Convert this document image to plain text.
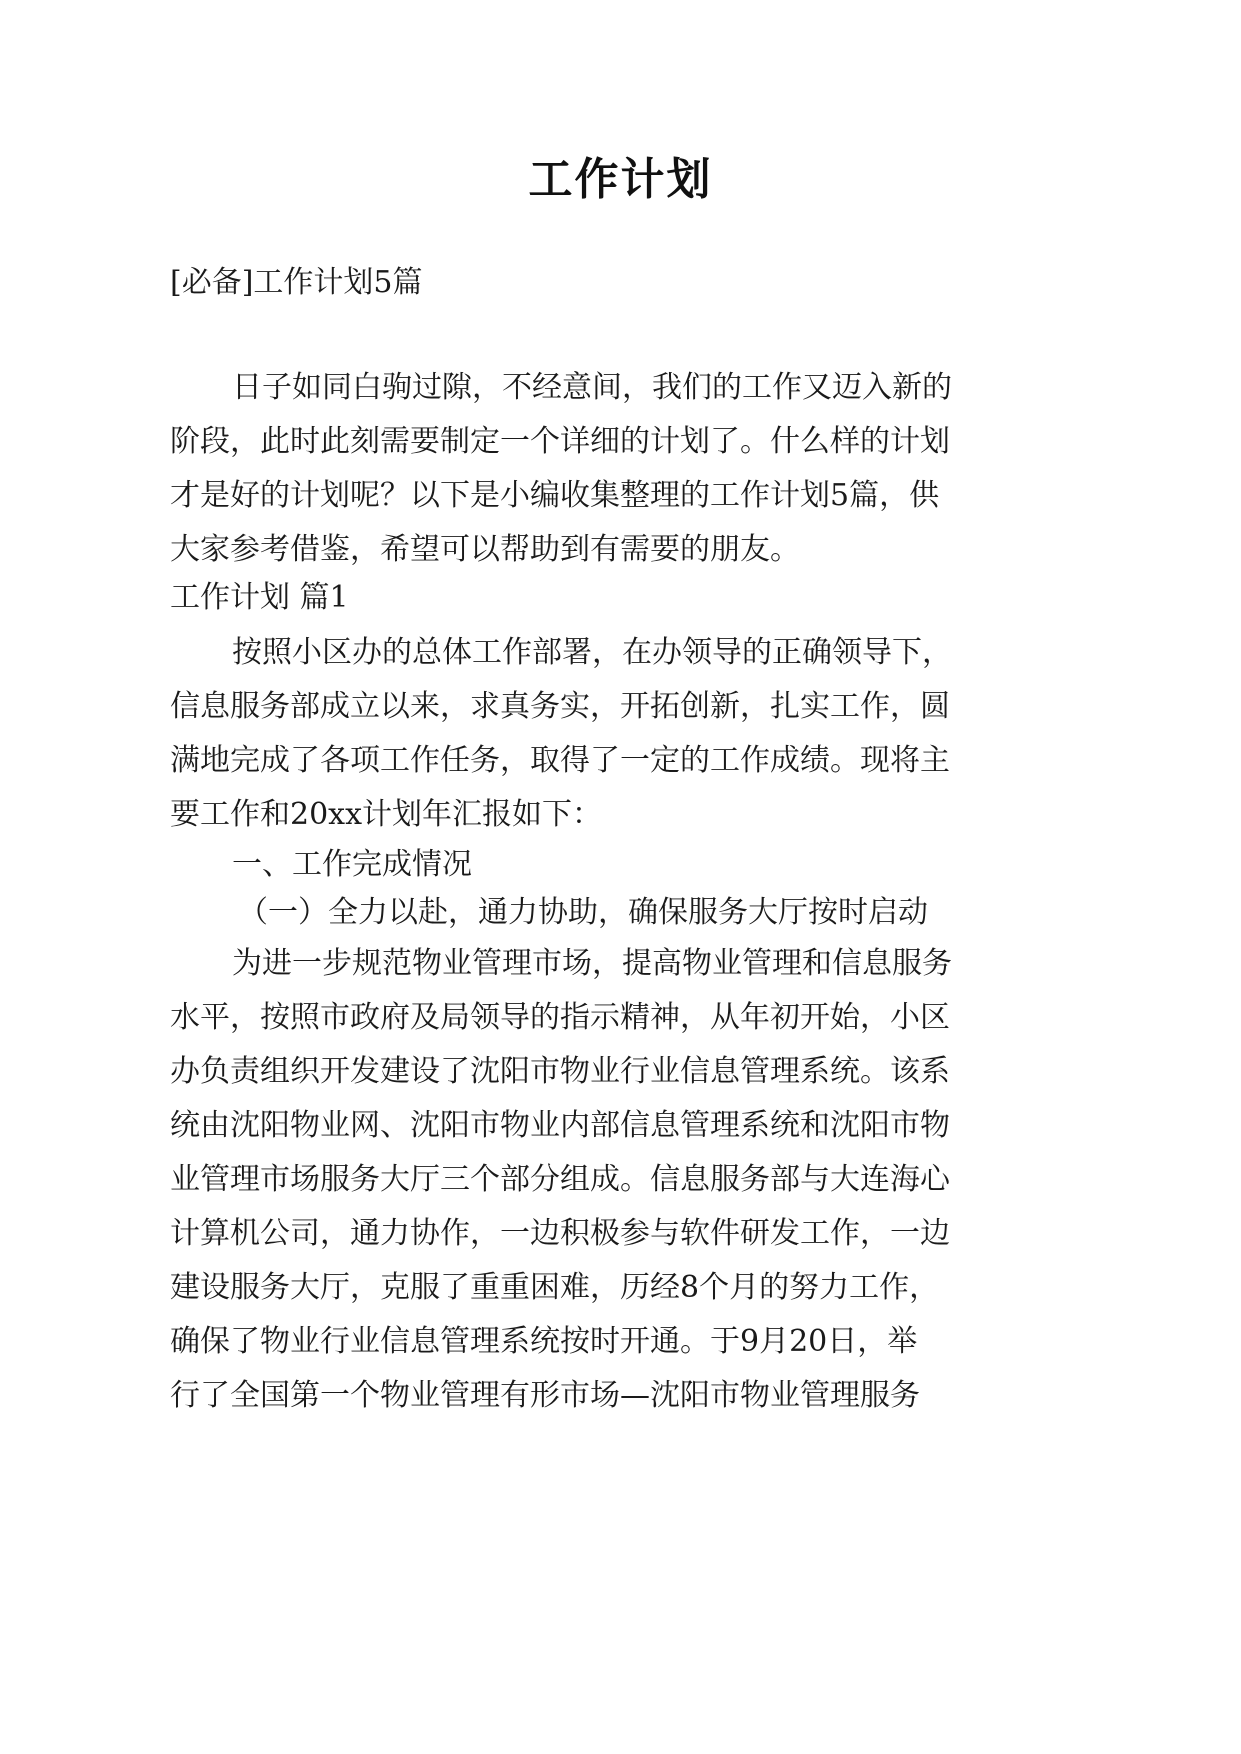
工作计划
[必备]工作计划5篇
日子如同白驹过隙，不经意间，我们的工作又迈入新的
阶段，此时此刻需要制定一个详细的计划了。什么样的计划
才是好的计划呢？以下是小编收集整理的工作计划5篇，供
大家参考借鉴，希望可以帮助到有需要的朋友。
工作计划 篇1
按照小区办的总体工作部署，在办领导的正确领导下，
信息服务部成立以来，求真务实，开拓创新，扎实工作，圆
满地完成了各项工作任务，取得了一定的工作成绩。现将主
要工作和20xx计划年汇报如下：
一、工作完成情况
（一）全力以赴，通力协助，确保服务大厅按时启动
为进一步规范物业管理市场，提高物业管理和信息服务
水平，按照市政府及局领导的指示精神，从年初开始，小区
办负责组织开发建设了沈阳市物业行业信息管理系统。该系
统由沈阳物业网、沈阳市物业内部信息管理系统和沈阳市物
业管理市场服务大厅三个部分组成。信息服务部与大连海心
计算机公司，通力协作，一边积极参与软件研发工作，一边
建设服务大厅，克服了重重困难，历经8个月的努力工作，
确保了物业行业信息管理系统按时开通。于9月20日，举
行了全国第一个物业管理有形市场—沈阳市物业管理服务
